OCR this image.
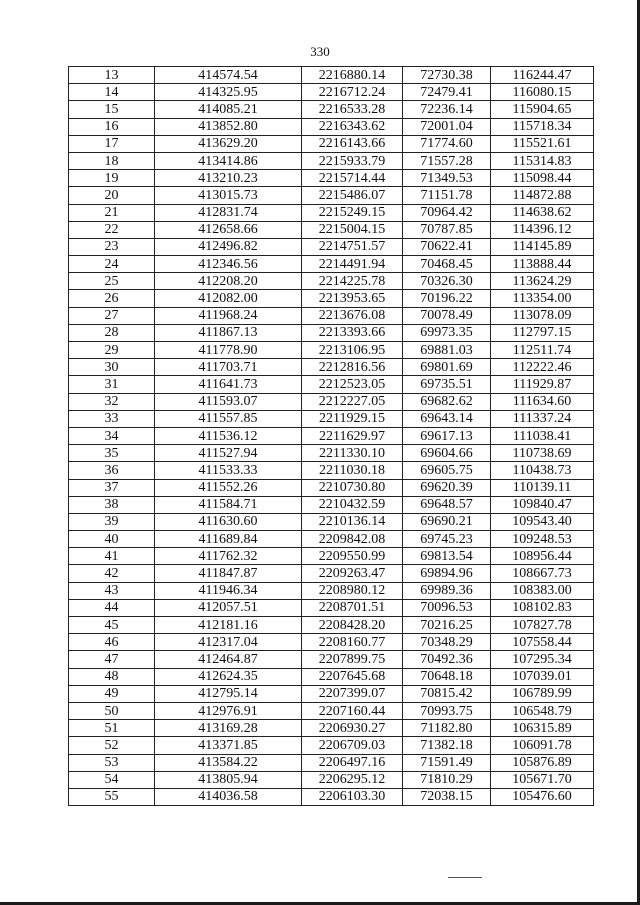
330
13	414574.54	2216880.14	72730.38	116244.47
14	414325.95	2216712.24	72479.41	116080.15
15	414085.21	2216533.28	72236.14	115904.65
16	413852.80	2216343.62	72001.04	115718.34
17	413629.20	2216143.66	71774.60	115521.61
18	413414.86	2215933.79	71557.28	115314.83
19	413210.23	2215714.44	71349.53	115098.44
20	413015.73	2215486.07	71151.78	114872.88
21	412831.74	2215249.15	70964.42	114638.62
22	412658.66	2215004.15	70787.85	114396.12
23	412496.82	2214751.57	70622.41	114145.89
24	412346.56	2214491.94	70468.45	113888.44
25	412208.20	2214225.78	70326.30	113624.29
26	412082.00	2213953.65	70196.22	113354.00
27	411968.24	2213676.08	70078.49	113078.09
28	411867.13	2213393.66	69973.35	112797.15
29	411778.90	2213106.95	69881.03	112511.74
30	411703.71	2212816.56	69801.69	112222.46
31	411641.73	2212523.05	69735.51	111929.87
32	411593.07	2212227.05	69682.62	111634.60
33	411557.85	2211929.15	69643.14	111337.24
34	411536.12	2211629.97	69617.13	111038.41
35	411527.94	2211330.10	69604.66	110738.69
36	411533.33	2211030.18	69605.75	110438.73
37	411552.26	2210730.80	69620.39	110139.11
38	411584.71	2210432.59	69648.57	109840.47
39	411630.60	2210136.14	69690.21	109543.40
40	411689.84	2209842.08	69745.23	109248.53
41	411762.32	2209550.99	69813.54	108956.44
42	411847.87	2209263.47	69894.96	108667.73
43	411946.34	2208980.12	69989.36	108383.00
44	412057.51	2208701.51	70096.53	108102.83
45	412181.16	2208428.20	70216.25	107827.78
46	412317.04	2208160.77	70348.29	107558.44
47	412464.87	2207899.75	70492.36	107295.34
48	412624.35	2207645.68	70648.18	107039.01
49	412795.14	2207399.07	70815.42	106789.99
50	412976.91	2207160.44	70993.75	106548.79
51	413169.28	2206930.27	71182.80	106315.89
52	413371.85	2206709.03	71382.18	106091.78
53	413584.22	2206497.16	71591.49	105876.89
54	413805.94	2206295.12	71810.29	105671.70
55	414036.58	2206103.30	72038.15	105476.60
